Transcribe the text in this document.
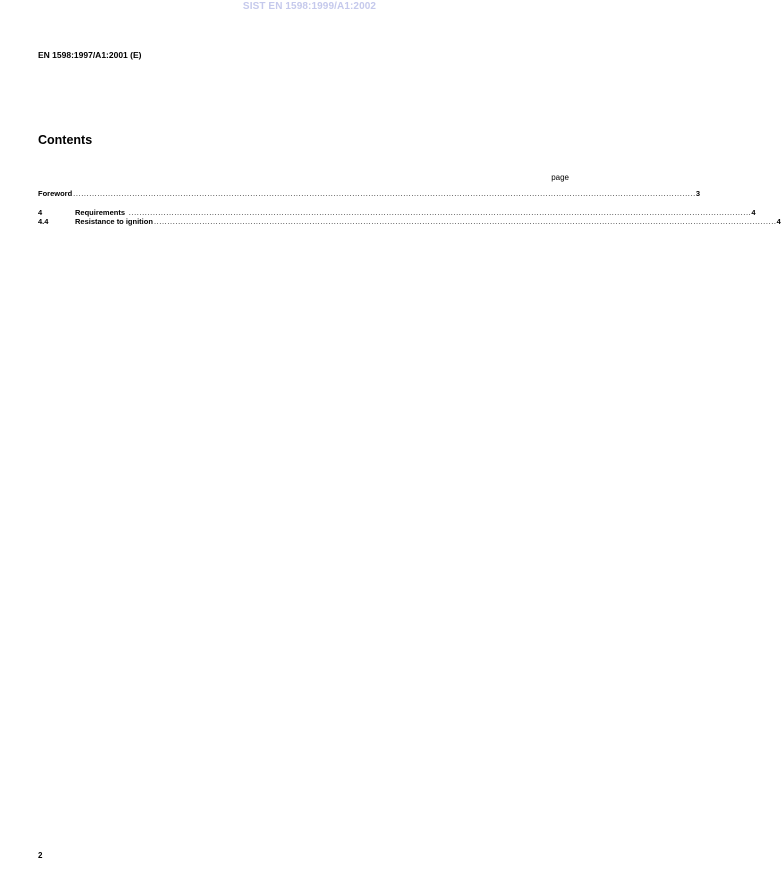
SIST EN 1598:1999/A1:2002
EN 1598:1997/A1:2001 (E)
Contents
page
Foreword ........................................................................................................................................................................................................................................ 3
4	Requirements ........................................................................................................................................................................................................................................ 4
4.4	Resistance to ignition ........................................................................................................................................................................................................................................ 4
2
